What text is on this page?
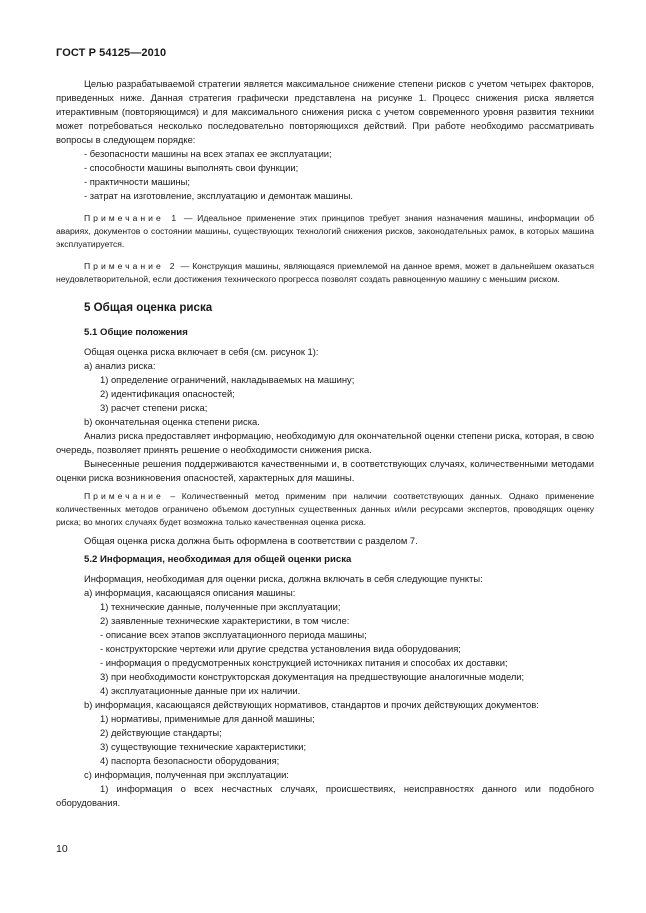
ГОСТ Р 54125—2010

Целью разрабатываемой стратегии является максимальное снижение степени рисков с учетом четырех факторов, приведенных ниже. Данная стратегия графически представлена на рисунке 1. Процесс снижения риска является итерактивным (повторяющимся) и для максимального снижения риска с учетом современного уровня развития техники может потребоваться несколько последовательно повторяющихся действий. При работе необходимо рассматривать вопросы в следующем порядке:

- безопасности машины на всех этапах ее эксплуатации;

- способности машины выполнять свои функции;

- практичности машины;

- затрат на изготовление, эксплуатацию и демонтаж машины.

Примечание 1 — Идеальное применение этих принципов требует знания назначения машины, информации об авариях, документов о состоянии машины, существующих технологий снижения рисков, законодательных рамок, в которых машина эксплуатируется.

Примечание 2 — Конструкция машины, являющаяся приемлемой на данное время, может в дальнейшем оказаться неудовлетворительной, если достижения технического прогресса позволят создать равноценную машину с меньшим риском.

5 Общая оценка риска

5.1 Общие положения

Общая оценка риска включает в себя (см. рисунок 1):

а) анализ риска:

1) определение ограничений, накладываемых на машину;

2) идентификация опасностей;

3) расчет степени риска;

b) окончательная оценка степени риска.

Анализ риска предоставляет информацию, необходимую для окончательной оценки степени риска, которая, в свою очередь, позволяет принять решение о необходимости снижения риска.

Вынесенные решения поддерживаются качественными и, в соответствующих случаях, количественными методами оценки риска возникновения опасностей, характерных для машины.

Примечание – Количественный метод применим при наличии соответствующих данных. Однако применение количественных методов ограничено объемом доступных существенных данных и/или ресурсами экспертов, проводящих оценку риска; во многих случаях будет возможна только качественная оценка риска.

Общая оценка риска должна быть оформлена в соответствии с разделом 7.

5.2 Информация, необходимая для общей оценки риска

Информация, необходимая для оценки риска, должна включать в себя следующие пункты:

а) информация, касающаяся описания машины:

1) технические данные, полученные при эксплуатации;

2) заявленные технические характеристики, в том числе:

- описание всех этапов эксплуатационного периода машины;

- конструкторские чертежи или другие средства установления вида оборудования;

- информация о предусмотренных конструкцией источниках питания и способах их доставки;

3) при необходимости конструкторская документация на предшествующие аналогичные модели;

4) эксплуатационные данные при их наличии.

b) информация, касающаяся действующих нормативов, стандартов и прочих действующих документов:

1) нормативы, применимые для данной машины;

2) действующие стандарты;

3) существующие технические характеристики;

4) паспорта безопасности оборудования;

c) информация, полученная при эксплуатации:

1) информация о всех несчастных случаях, происшествиях, неисправностях данного или подобного оборудования.

10
